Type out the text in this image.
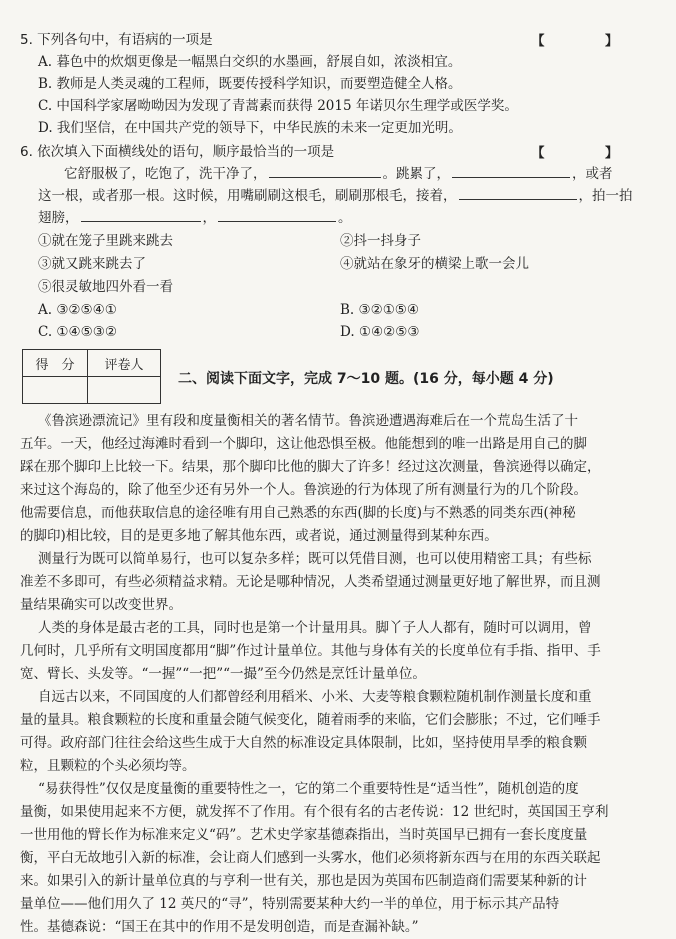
5. 下列各句中，有语病的一项是	【 】
A. 暮色中的炊烟更像是一幅黑白交织的水墨画，舒展自如，浓淡相宜。
B. 教师是人类灵魂的工程师，既要传授科学知识，而要塑造健全人格。
C. 中国科学家屠呦呦因为发现了青蒿素而获得 2015 年诺贝尔生理学或医学奖。
D. 我们坚信，在中国共产党的领导下，中华民族的未来一定更加光明。
6. 依次填入下面横线处的语句，顺序最恰当的一项是	【 】
它舒服极了，吃饱了，洗干净了，	。跳累了，	，或者
这一根，或者那一根。这时候，用嘴刷刷这根毛，刷刷那根毛，接着，	，拍一拍
翅膀，	，	。
①就在笼子里跳来跳去	②抖一抖身子
③就又跳来跳去了	④就站在象牙的横梁上歌一会儿
⑤很灵敏地四外看一看
A. ③②⑤④①	B. ③②①⑤④
C. ①④⑤③②	D. ①④②⑤③
得　分	评卷人

二、阅读下面文字，完成 7～10 题。(16 分，每小题 4 分)
《鲁滨逊漂流记》里有段和度量衡相关的著名情节。鲁滨逊遭遇海难后在一个荒岛生活了十
五年。一天，他经过海滩时看到一个脚印，这让他恐惧至极。他能想到的唯一出路是用自己的脚
踩在那个脚印上比较一下。结果，那个脚印比他的脚大了许多！经过这次测量，鲁滨逊得以确定，
来过这个海岛的，除了他至少还有另外一个人。鲁滨逊的行为体现了所有测量行为的几个阶段。
他需要信息，而他获取信息的途径唯有用自己熟悉的东西(脚的长度)与不熟悉的同类东西(神秘
的脚印)相比较，目的是更多地了解其他东西，或者说，通过测量得到某种东西。
测量行为既可以简单易行，也可以复杂多样；既可以凭借目测，也可以使用精密工具；有些标
准差不多即可，有些必须精益求精。无论是哪种情况，人类希望通过测量更好地了解世界，而且测
量结果确实可以改变世界。
人类的身体是最古老的工具，同时也是第一个计量用具。脚丫子人人都有，随时可以调用，曾
几何时，几乎所有文明国度都用“脚”作过计量单位。其他与身体有关的长度单位有手指、指甲、手
宽、臂长、头发等。“一握”“一把”“一撮”至今仍然是烹饪计量单位。
自远古以来，不同国度的人们都曾经利用稻米、小米、大麦等粮食颗粒随机制作测量长度和重
量的量具。粮食颗粒的长度和重量会随气候变化，随着雨季的来临，它们会膨胀；不过，它们唾手
可得。政府部门往往会给这些生成于大自然的标准设定具体限制，比如，坚持使用旱季的粮食颗
粒，且颗粒的个头必须均等。
“易获得性”仅仅是度量衡的重要特性之一，它的第二个重要特性是“适当性”，随机创造的度
量衡，如果使用起来不方便，就发挥不了作用。有个很有名的古老传说：12 世纪时，英国国王亨利
一世用他的臂长作为标准来定义“码”。艺术史学家基德森指出，当时英国早已拥有一套长度度量
衡，平白无故地引入新的标准，会让商人们感到一头雾水，他们必须将新东西与在用的东西关联起
来。如果引入的新计量单位真的与亨利一世有关，那也是因为英国布匹制造商们需要某种新的计
量单位——他们用久了 12 英尺的“寻”，特别需要某种大约一半的单位，用于标示其产品特
性。基德森说：“国王在其中的作用不是发明创造，而是查漏补缺。”
